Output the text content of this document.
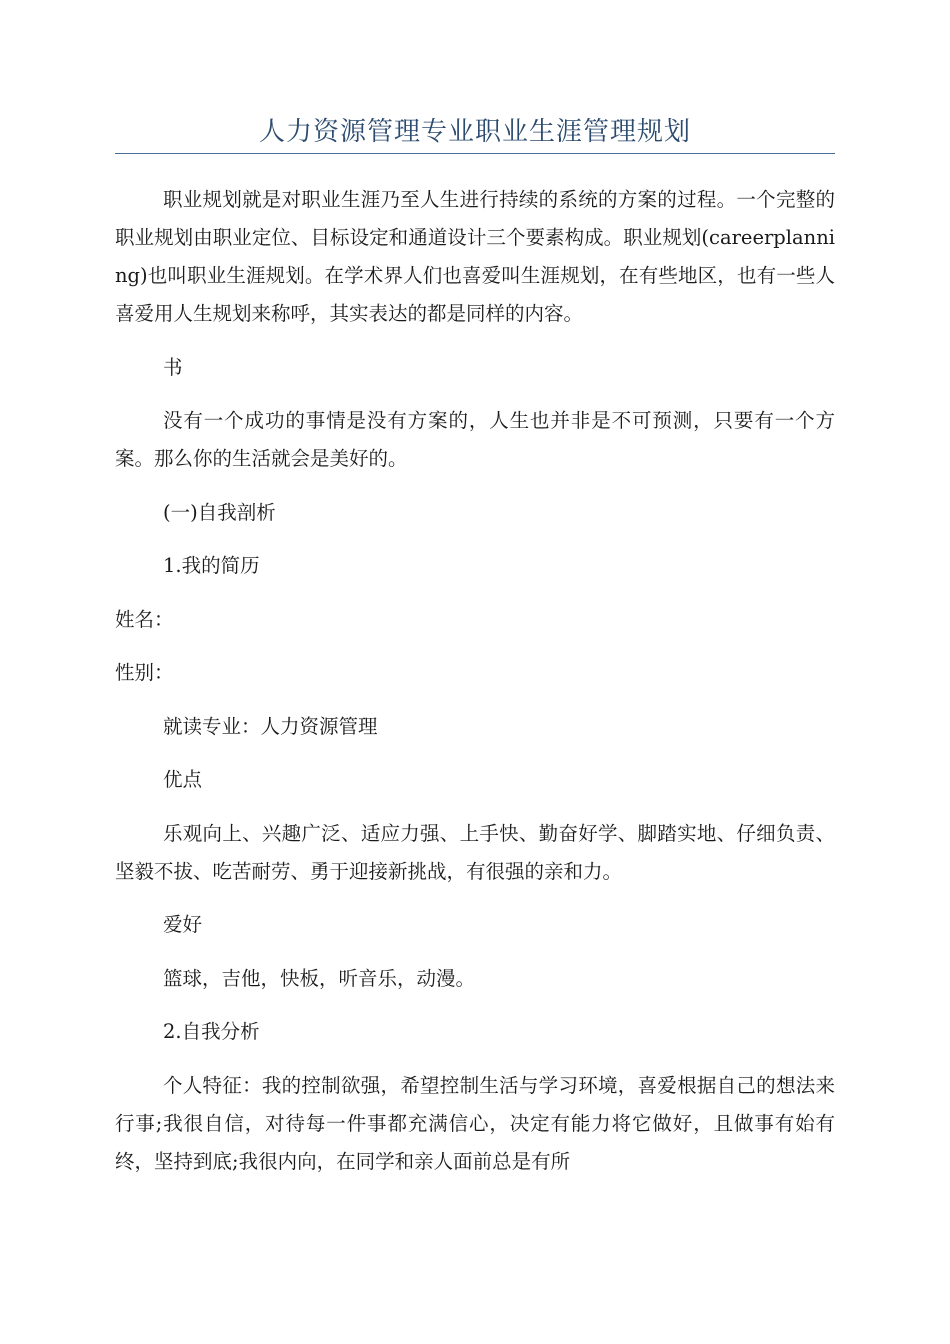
人力资源管理专业职业生涯管理规划

职业规划就是对职业生涯乃至人生进行持续的系统的方案的过程。一个完整的职业规划由职业定位、目标设定和通道设计三个要素构成。职业规划(careerplanning)也叫职业生涯规划。在学术界人们也喜爱叫生涯规划，在有些地区，也有一些人喜爱用人生规划来称呼，其实表达的都是同样的内容。

书

没有一个成功的事情是没有方案的，人生也并非是不可预测，只要有一个方案。那么你的生活就会是美好的。

(一)自我剖析

1.我的简历

姓名：

性别：

就读专业：人力资源管理

优点

乐观向上、兴趣广泛、适应力强、上手快、勤奋好学、脚踏实地、仔细负责、坚毅不拔、吃苦耐劳、勇于迎接新挑战，有很强的亲和力。

爱好

篮球，吉他，快板，听音乐，动漫。

2.自我分析

个人特征：我的控制欲强，希望控制生活与学习环境，喜爱根据自己的想法来行事;我很自信，对待每一件事都充满信心，决定有能力将它做好，且做事有始有终，坚持到底;我很内向，在同学和亲人面前总是有所
